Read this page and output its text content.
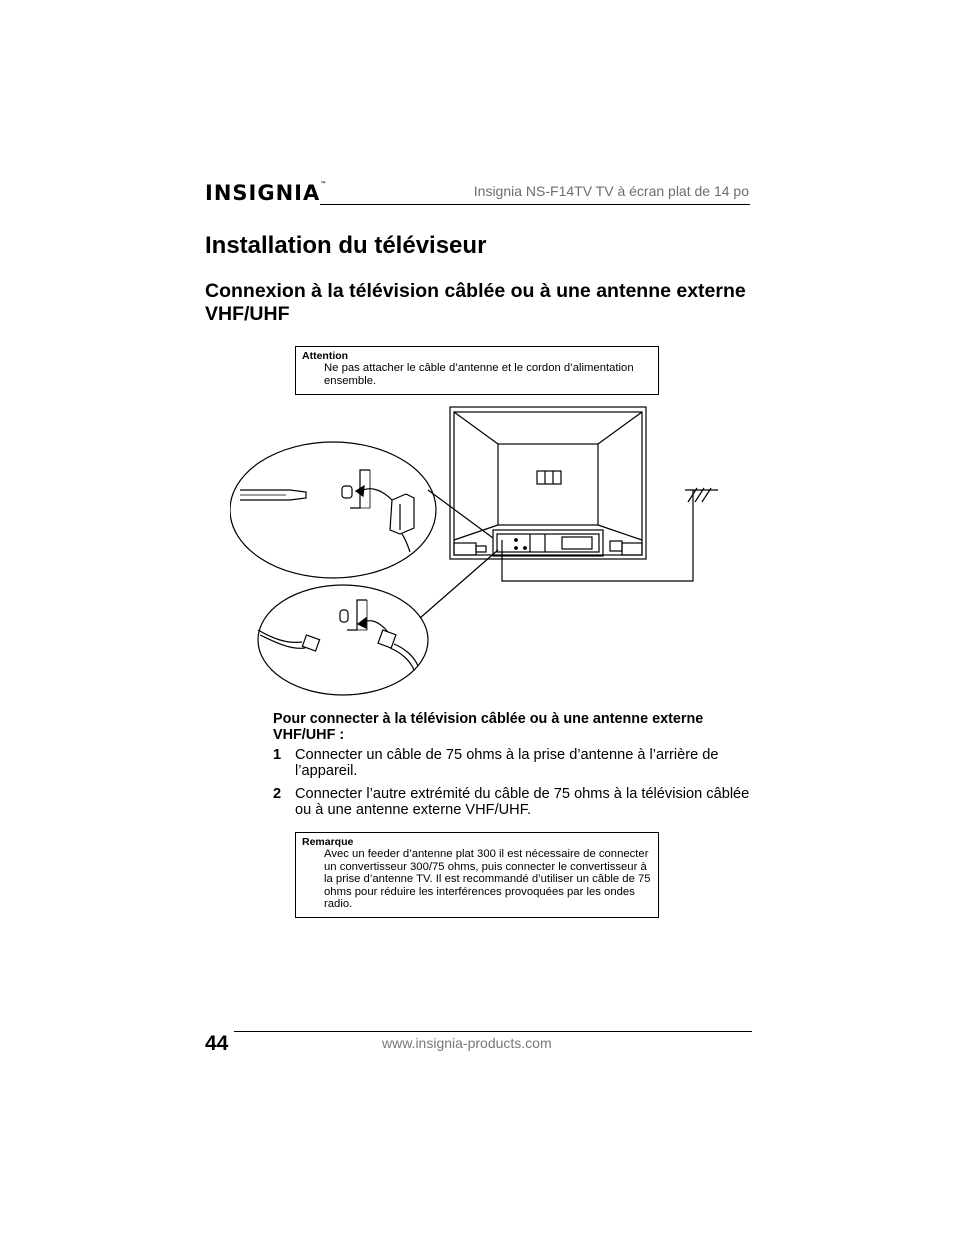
INSIGNIA™	Insignia NS-F14TV TV à écran plat de 14 po
Installation du téléviseur
Connexion à la télévision câblée ou à une antenne externe VHF/UHF
Attention
Ne pas attacher le câble d’antenne et le cordon d’alimentation ensemble.
Pour connecter à la télévision câblée ou à une antenne externe VHF/UHF :
1 Connecter un câble de 75 ohms à la prise d’antenne à l’arrière de l’appareil.
2 Connecter l’autre extrémité du câble de 75 ohms à la télévision câblée ou à une antenne externe VHF/UHF.
Remarque
Avec un feeder d’antenne plat 300 il est nécessaire de connecter un convertisseur 300/75 ohms, puis connecter le convertisseur à la prise d’antenne TV. Il est recommandé d’utiliser un câble de 75 ohms pour réduire les interférences provoquées par les ondes radio.
44	www.insignia-products.com
